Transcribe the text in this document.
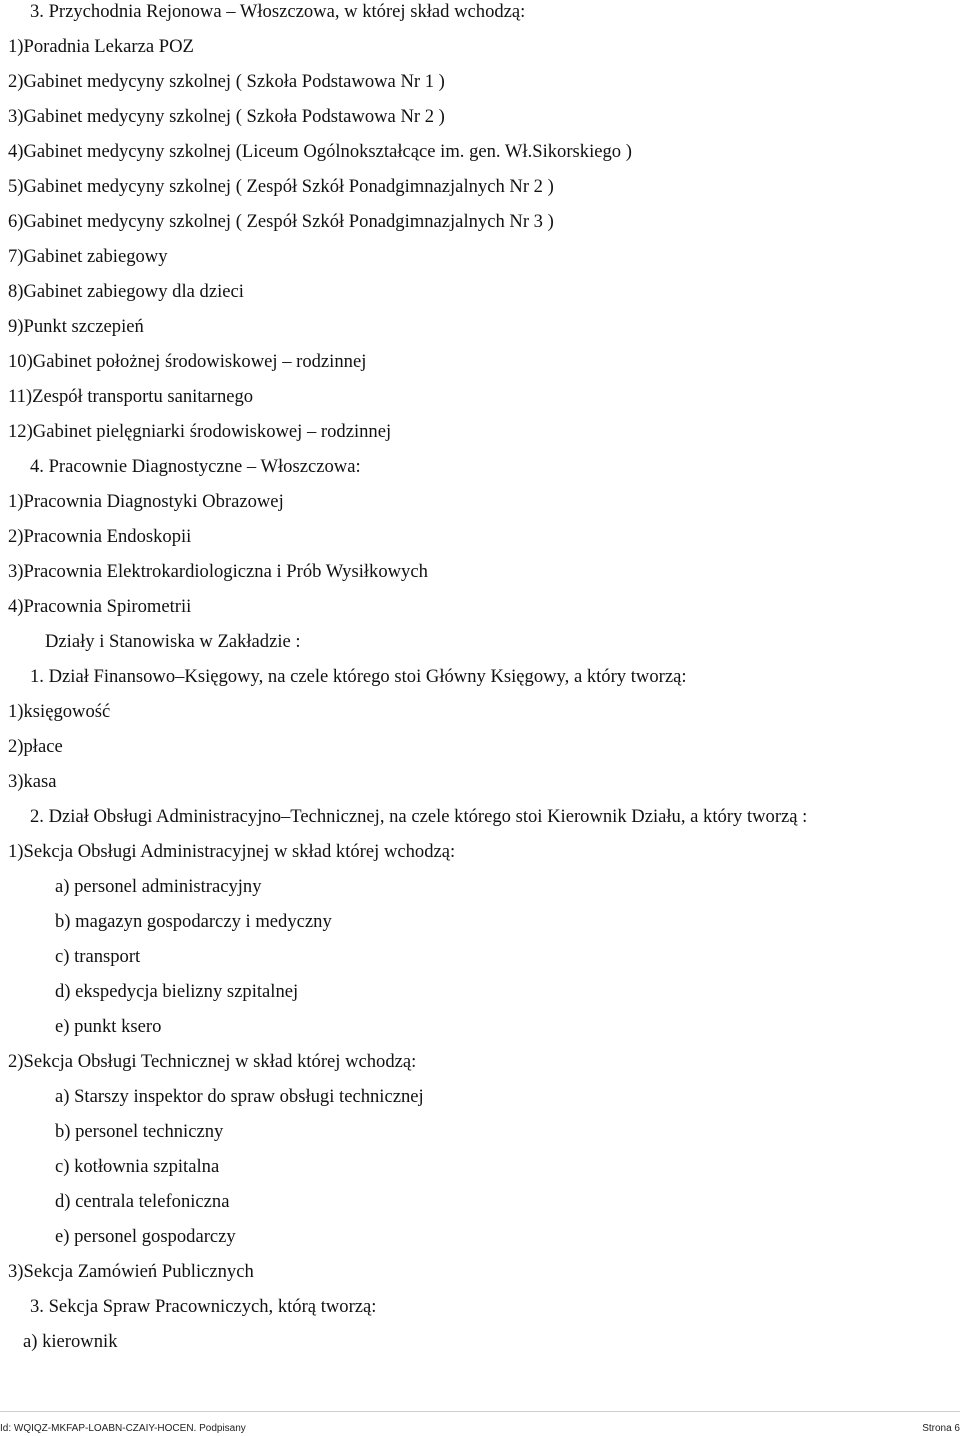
3. Przychodnia Rejonowa – Włoszczowa, w której skład wchodzą:
1)Poradnia Lekarza POZ
2)Gabinet medycyny szkolnej ( Szkoła Podstawowa Nr 1 )
3)Gabinet medycyny szkolnej ( Szkoła Podstawowa Nr 2 )
4)Gabinet medycyny szkolnej (Liceum Ogólnokształcące im. gen. Wł.Sikorskiego )
5)Gabinet medycyny szkolnej ( Zespół Szkół Ponadgimnazjalnych Nr 2 )
6)Gabinet medycyny szkolnej ( Zespół Szkół Ponadgimnazjalnych Nr 3 )
7)Gabinet zabiegowy
8)Gabinet zabiegowy dla dzieci
9)Punkt szczepień
10)Gabinet położnej środowiskowej – rodzinnej
11)Zespół transportu sanitarnego
12)Gabinet pielęgniarki środowiskowej – rodzinnej
4. Pracownie Diagnostyczne – Włoszczowa:
1)Pracownia Diagnostyki Obrazowej
2)Pracownia Endoskopii
3)Pracownia Elektrokardiologiczna i Prób Wysiłkowych
4)Pracownia Spirometrii
Działy i Stanowiska w Zakładzie :
1. Dział Finansowo–Księgowy, na czele którego stoi Główny Księgowy, a który tworzą:
1)księgowość
2)płace
3)kasa
2. Dział Obsługi Administracyjno–Technicznej, na czele którego stoi Kierownik Działu, a który tworzą :
1)Sekcja Obsługi Administracyjnej w skład której wchodzą:
a) personel administracyjny
b) magazyn gospodarczy i medyczny
c) transport
d) ekspedycja bielizny szpitalnej
e) punkt ksero
2)Sekcja Obsługi Technicznej w skład której wchodzą:
a) Starszy inspektor do spraw obsługi technicznej
b) personel techniczny
c) kotłownia szpitalna
d) centrala telefoniczna
e) personel gospodarczy
3)Sekcja Zamówień Publicznych
3. Sekcja Spraw Pracowniczych, którą tworzą:
a) kierownik
Id: WQIQZ-MKFAP-LOABN-CZAIY-HOCEN. Podpisany	Strona 6
